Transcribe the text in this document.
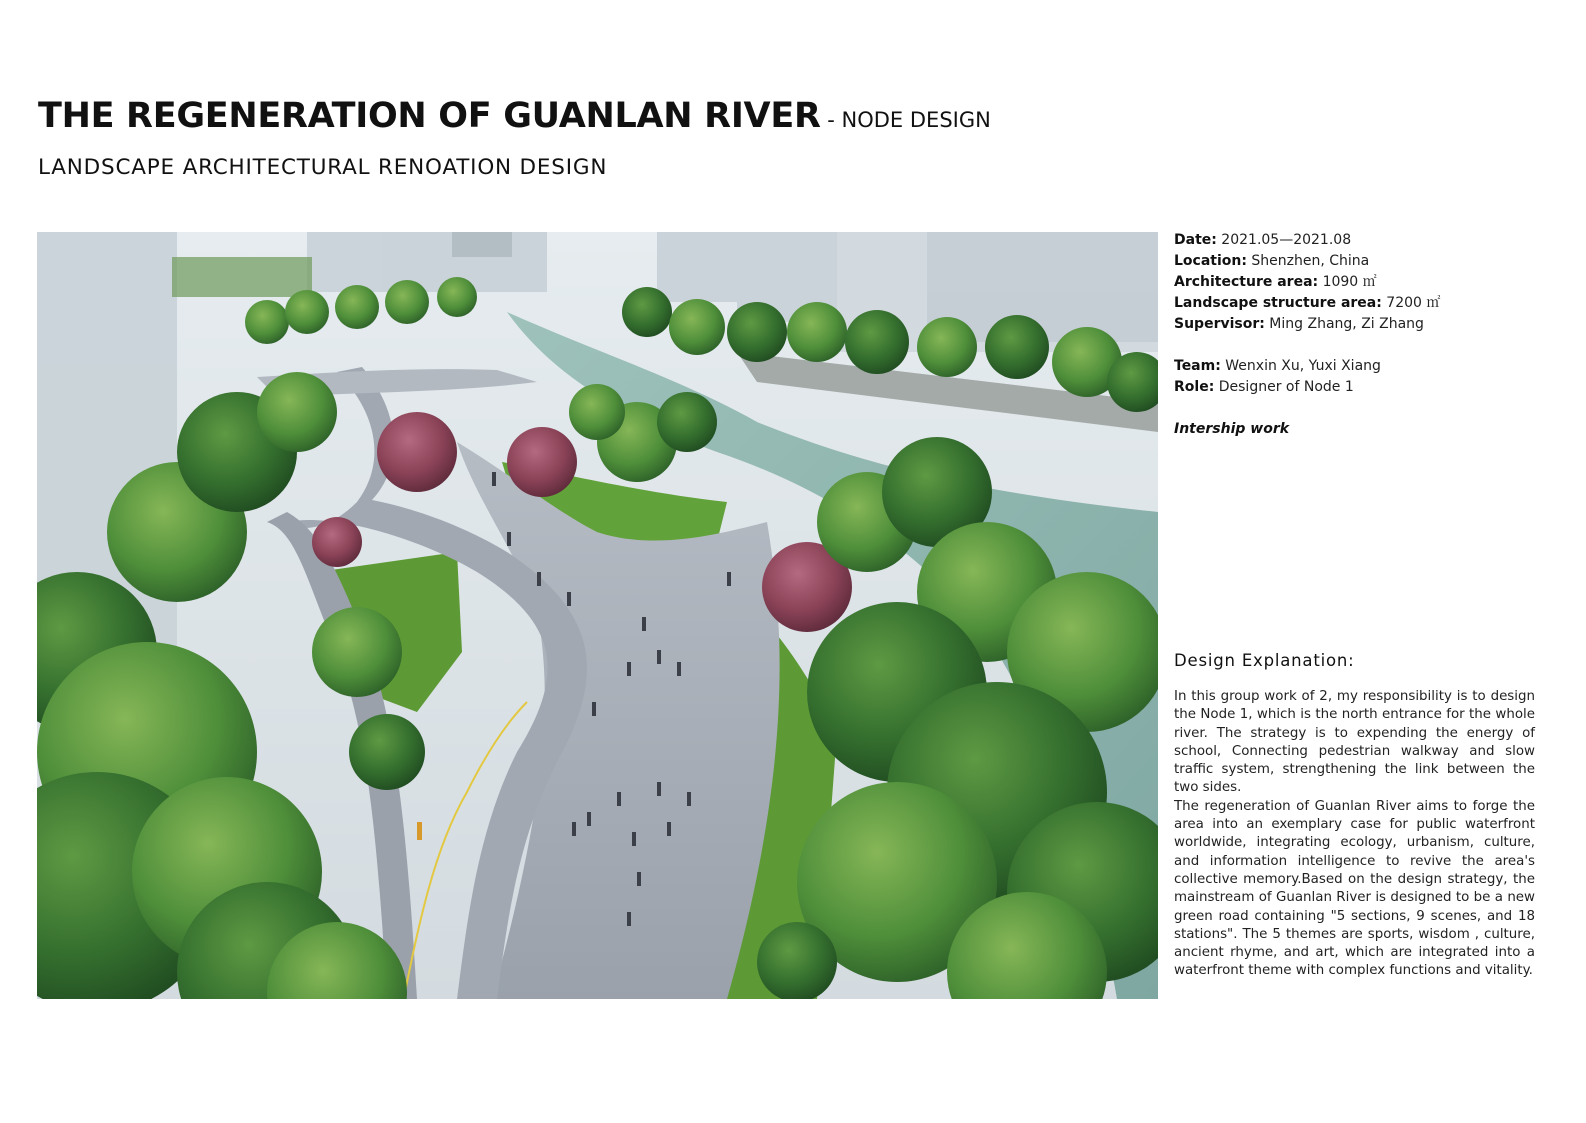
THE REGENERATION OF GUANLAN RIVER - NODE DESIGN
LANDSCAPE ARCHITECTURAL RENOATION DESIGN
Date: 2021.05—2021.08
Location: Shenzhen, China
Architecture area: 1090 ㎡
Landscape structure area: 7200 ㎡
Supervisor: Ming Zhang, Zi Zhang
Team: Wenxin Xu, Yuxi Xiang
Role: Designer of Node 1
Intership work
Design Explanation:

In this group work of 2, my responsibility is to design the Node 1, which is the north entrance for the whole river. The strategy is to expending the energy of school, Connecting pedestrian walkway and slow traffic system, strengthening the link between the two sides.

The regeneration of Guanlan River aims to forge the area into an exemplary case for public waterfront worldwide, integrating ecology, urbanism, culture, and information intelligence to revive the area's collective memory.Based on the design strategy, the mainstream of Guanlan River is designed to be a new green road containing "5 sections, 9 scenes, and 18 stations". The 5 themes are sports, wisdom , culture, ancient rhyme, and art, which are integrated into a waterfront theme with complex functions and vitality.
